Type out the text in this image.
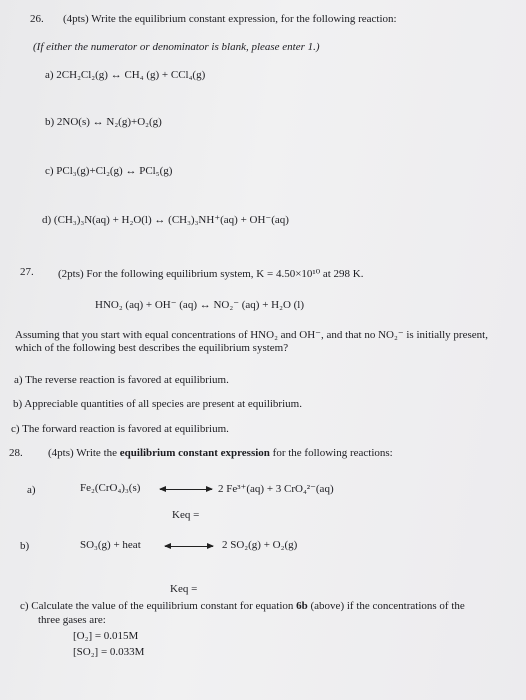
26. (4pts) Write the equilibrium constant expression, for the following reaction:
(If either the numerator or denominator is blank, please enter 1.)
a) 2CH₂Cl₂(g) ↔ CH₄ (g) + CCl₄(g)
b) 2NO(s) ↔ N₂(g)+O₂(g)
c) PCl₃(g)+Cl₂(g) ↔ PCl₅(g)
d) (CH₃)₃N(aq) + H₂O(l) ↔ (CH₃)₃NH⁺(aq) + OH⁻(aq)
27. (2pts) For the following equilibrium system, K = 4.50×10¹⁰ at 298 K.
HNO₂ (aq) + OH⁻ (aq) ↔ NO₂⁻ (aq) + H₂O (l)
Assuming that you start with equal concentrations of HNO₂ and OH⁻, and that no NO₂⁻ is initially present,
which of the following best describes the equilibrium system?
a) The reverse reaction is favored at equilibrium.
b) Appreciable quantities of all species are present at equilibrium.
c) The forward reaction is favored at equilibrium.
28. (4pts) Write the equilibrium constant expression for the following reactions:
a)	Fe₂(CrO₄)₃(s)	2 Fe³⁺(aq) + 3 CrO₄²⁻(aq)
Keq =
b)	SO₃(g) + heat	2 SO₂(g) + O₂(g)
Keq =
c) Calculate the value of the equilibrium constant for equation 6b (above) if the concentrations of the
three gases are:
[O₂] = 0.015M
[SO₂] = 0.033M
